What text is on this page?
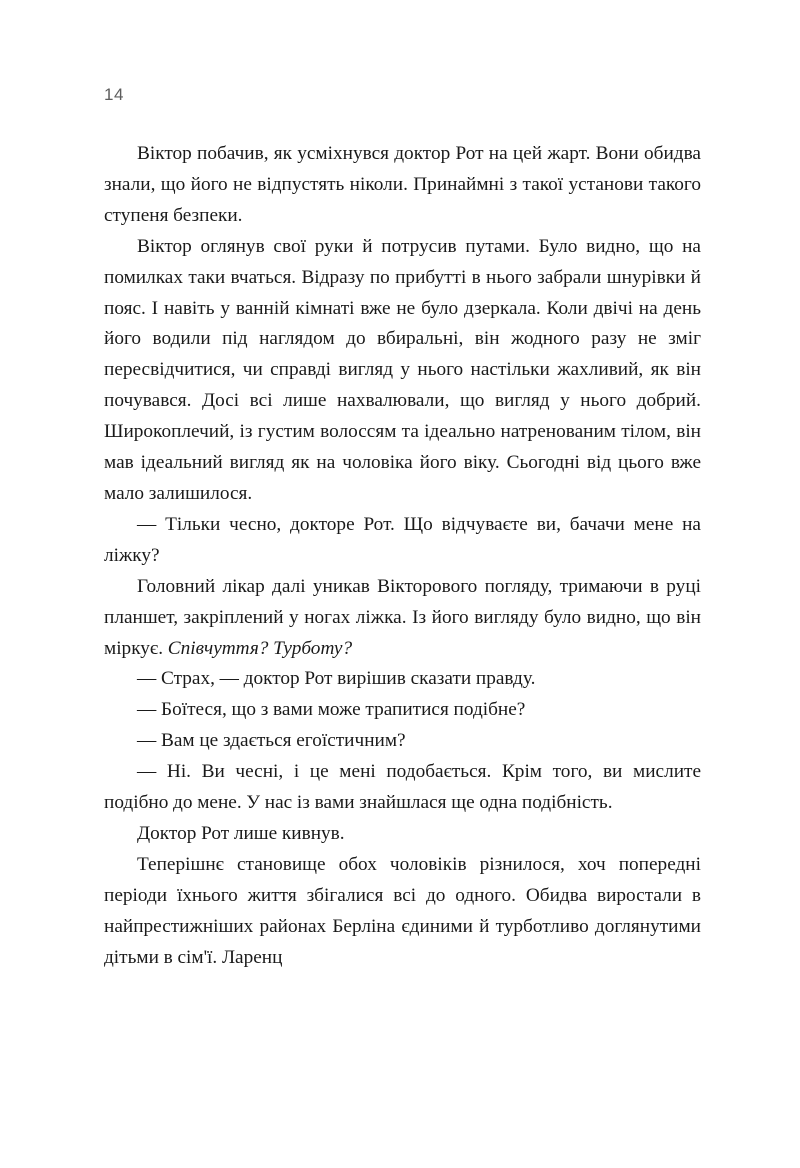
14

Віктор побачив, як усміхнувся доктор Рот на цей жарт. Вони обидва знали, що його не відпустять ніколи. Принаймні з такої установи такого ступеня безпеки.

Віктор оглянув свої руки й потрусив путами. Було видно, що на помилках таки вчаться. Відразу по прибутті в нього забрали шнурівки й пояс. І навіть у ванній кімнаті вже не було дзеркала. Коли двічі на день його водили під наглядом до вбиральні, він жодного разу не зміг пересвідчитися, чи справді вигляд у нього настільки жахливий, як він почувався. Досі всі лише нахвалювали, що вигляд у нього добрий. Широкоплечий, із густим волоссям та ідеально натренованим тілом, він мав ідеальний вигляд як на чоловіка його віку. Сьогодні від цього вже мало залишилося.

— Тільки чесно, докторе Рот. Що відчуваєте ви, бачачи мене на ліжку?

Головний лікар далі уникав Вікторового погляду, тримаючи в руці планшет, закріплений у ногах ліжка. Із його вигляду було видно, що він міркує. Співчуття? Турботу?

— Страх, — доктор Рот вирішив сказати правду.

— Боїтеся, що з вами може трапитися подібне?

— Вам це здається егоїстичним?

— Ні. Ви чесні, і це мені подобається. Крім того, ви мислите подібно до мене. У нас із вами знайшлася ще одна подібність.

Доктор Рот лише кивнув.

Теперішнє становище обох чоловіків різнилося, хоч попередні періоди їхнього життя збігалися всі до одного. Обидва виростали в найпрестижніших районах Берліна єдиними й турботливо доглянутими дітьми в сім'ї. Ларенц
